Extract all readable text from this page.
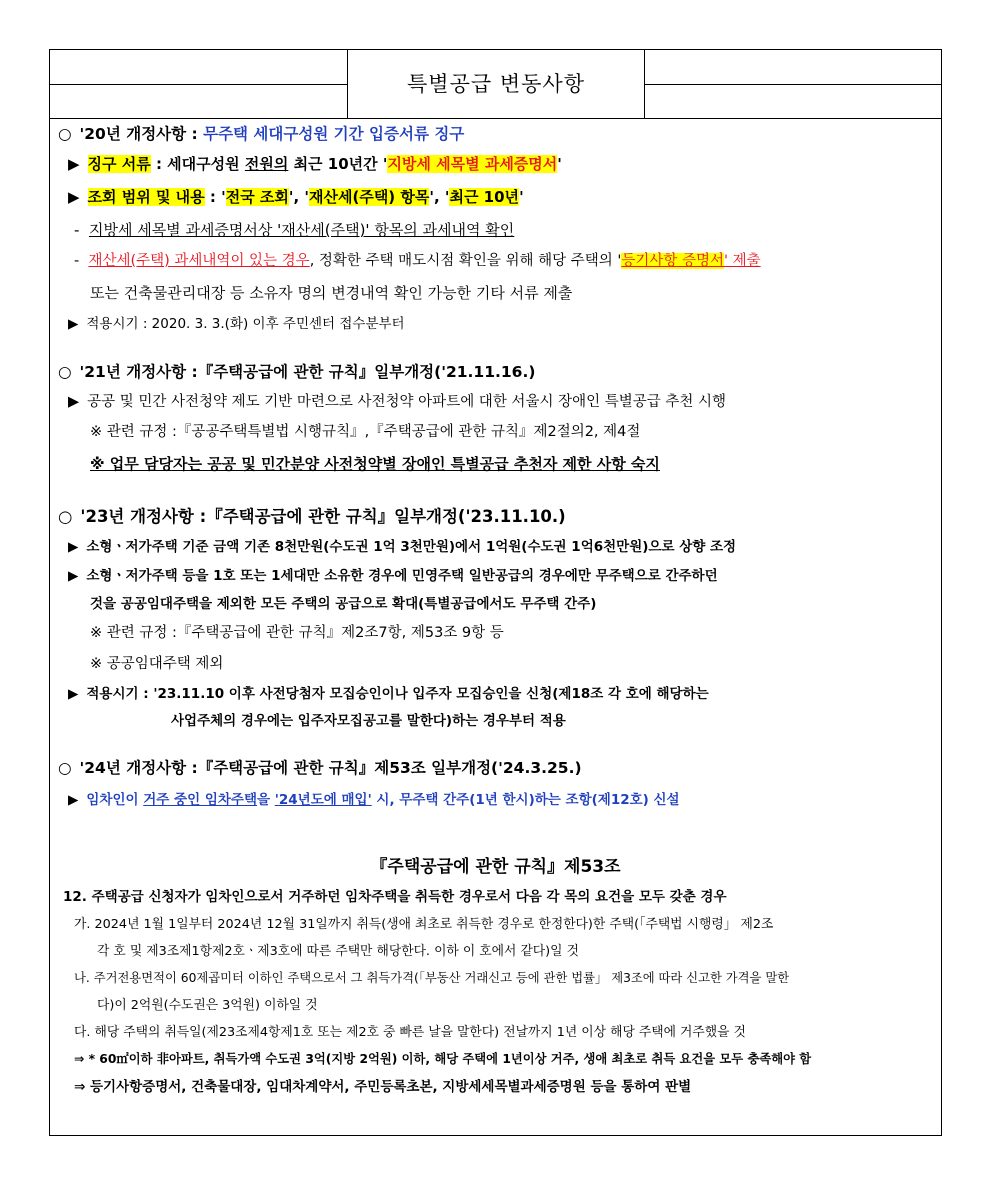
특별공급 변동사항
○ '20년 개정사항 : 무주택 세대구성원 기간 입증서류 징구
▶ 징구 서류 : 세대구성원 전원의 최근 10년간 '지방세 세목별 과세증명서'
▶ 조회 범위 및 내용 : '전국 조회', '재산세(주택) 항목', '최근 10년'
- 지방세 세목별 과세증명서상 '재산세(주택)' 항목의 과세내역 확인
- 재산세(주택) 과세내역이 있는 경우, 정확한 주택 매도시점 확인을 위해 해당 주택의 '등기사항 증명서' 제출
또는 건축물관리대장 등 소유자 명의 변경내역 확인 가능한 기타 서류 제출
▶ 적용시기 : 2020. 3. 3.(화) 이후 주민센터 접수분부터
○ '21년 개정사항 :『주택공급에 관한 규칙』일부개정('21.11.16.)
▶ 공공 및 민간 사전청약 제도 기반 마련으로 사전청약 아파트에 대한 서울시 장애인 특별공급 추천 시행
※ 관련 규정 :『공공주택특별법 시행규칙』,『주택공급에 관한 규칙』제2절의2, 제4절
※ 업무 담당자는 공공 및 민간분양 사전청약별 장애인 특별공급 추천자 제한 사항 숙지
○ '23년 개정사항 :『주택공급에 관한 규칙』일부개정('23.11.10.)
▶ 소형ㆍ저가주택 기준 금액 기존 8천만원(수도권 1억 3천만원)에서 1억원(수도권 1억6천만원)으로 상향 조정
▶ 소형ㆍ저가주택 등을 1호 또는 1세대만 소유한 경우에 민영주택 일반공급의 경우에만 무주택으로 간주하던
것을 공공임대주택을 제외한 모든 주택의 공급으로 확대(특별공급에서도 무주택 간주)
※ 관련 규정 :『주택공급에 관한 규칙』제2조7항, 제53조 9항 등
※ 공공임대주택 제외
▶ 적용시기 : '23.11.10 이후 사전당첨자 모집승인이나 입주자 모집승인을 신청(제18조 각 호에 해당하는
사업주체의 경우에는 입주자모집공고를 말한다)하는 경우부터 적용
○ '24년 개정사항 :『주택공급에 관한 규칙』제53조 일부개정('24.3.25.)
▶ 임차인이 거주 중인 임차주택을 '24년도에 매입' 시, 무주택 간주(1년 한시)하는 조항(제12호) 신설
『주택공급에 관한 규칙』제53조
12. 주택공급 신청자가 임차인으로서 거주하던 임차주택을 취득한 경우로서 다음 각 목의 요건을 모두 갖춘 경우
가. 2024년 1월 1일부터 2024년 12월 31일까지 취득(생애 최초로 취득한 경우로 한정한다)한 주택(「주택법 시행령」 제2조
각 호 및 제3조제1항제2호ㆍ제3호에 따른 주택만 해당한다. 이하 이 호에서 같다)일 것
나. 주거전용면적이 60제곱미터 이하인 주택으로서 그 취득가격(「부동산 거래신고 등에 관한 법률」 제3조에 따라 신고한 가격을 말한
다)이 2억원(수도권은 3억원) 이하일 것
다. 해당 주택의 취득일(제23조제4항제1호 또는 제2호 중 빠른 날을 말한다) 전날까지 1년 이상 해당 주택에 거주했을 것
⇒ * 60㎡이하 非아파트, 취득가액 수도권 3억(지방 2억원) 이하, 해당 주택에 1년이상 거주, 생애 최초로 취득 요건을 모두 충족해야 함
⇒ 등기사항증명서, 건축물대장, 임대차계약서, 주민등록초본, 지방세세목별과세증명원 등을 통하여 판별
